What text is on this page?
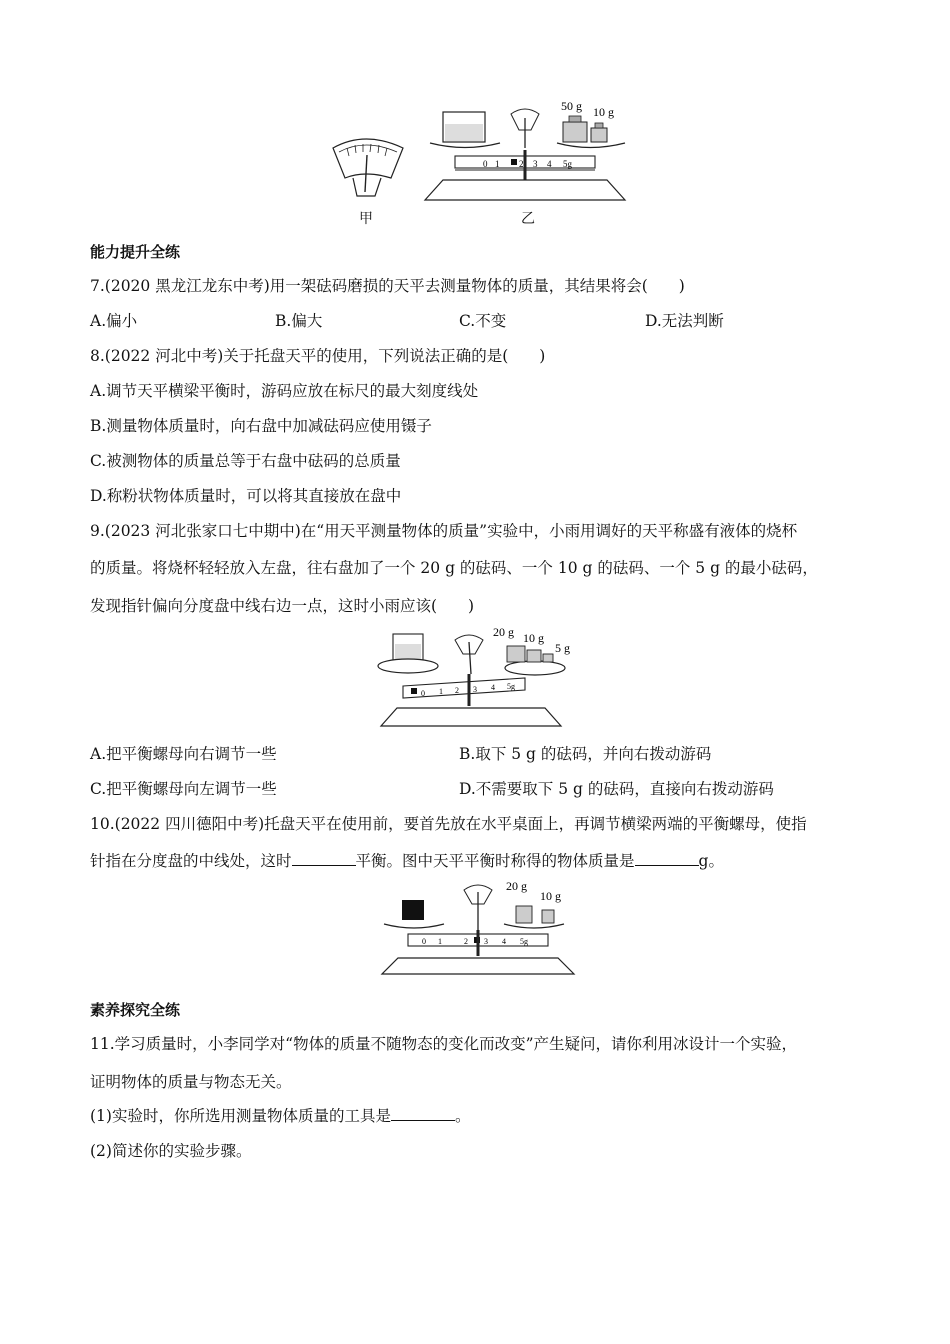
0 1 2 3 4 5g
50 g 10 g
甲	乙
能力提升全练
7.(2020 黑龙江龙东中考)用一架砝码磨损的天平去测量物体的质量，其结果将会(　　)
A.偏小	B.偏大	C.不变	D.无法判断
8.(2022 河北中考)关于托盘天平的使用，下列说法正确的是(　　)
A.调节天平横梁平衡时，游码应放在标尺的最大刻度线处
B.测量物体质量时，向右盘中加减砝码应使用镊子
C.被测物体的质量总等于右盘中砝码的总质量
D.称粉状物体质量时，可以将其直接放在盘中
9.(2023 河北张家口七中期中)在“用天平测量物体的质量”实验中，小雨用调好的天平称盛有液体的烧杯
的质量。将烧杯轻轻放入左盘，往右盘加了一个 20 g 的砝码、一个 10 g 的砝码、一个 5 g 的最小砝码，
发现指针偏向分度盘中线右边一点，这时小雨应该(　　)
0 1 2 3 4 5g
20 g 10 g
5 g
A.把平衡螺母向右调节一些	B.取下 5 g 的砝码，并向右拨动游码
C.把平衡螺母向左调节一些	D.不需要取下 5 g 的砝码，直接向右拨动游码
10.(2022 四川德阳中考)托盘天平在使用前，要首先放在水平桌面上，再调节横梁两端的平衡螺母，使指
针指在分度盘的中线处，这时	平衡。图中天平平衡时称得的物体质量是	g。
0 1	2 3 4 5g
20 g
10 g
素养探究全练
11.学习质量时，小李同学对“物体的质量不随物态的变化而改变”产生疑问，请你利用冰设计一个实验，
证明物体的质量与物态无关。
(1)实验时，你所选用测量物体质量的工具是	。
(2)简述你的实验步骤。
